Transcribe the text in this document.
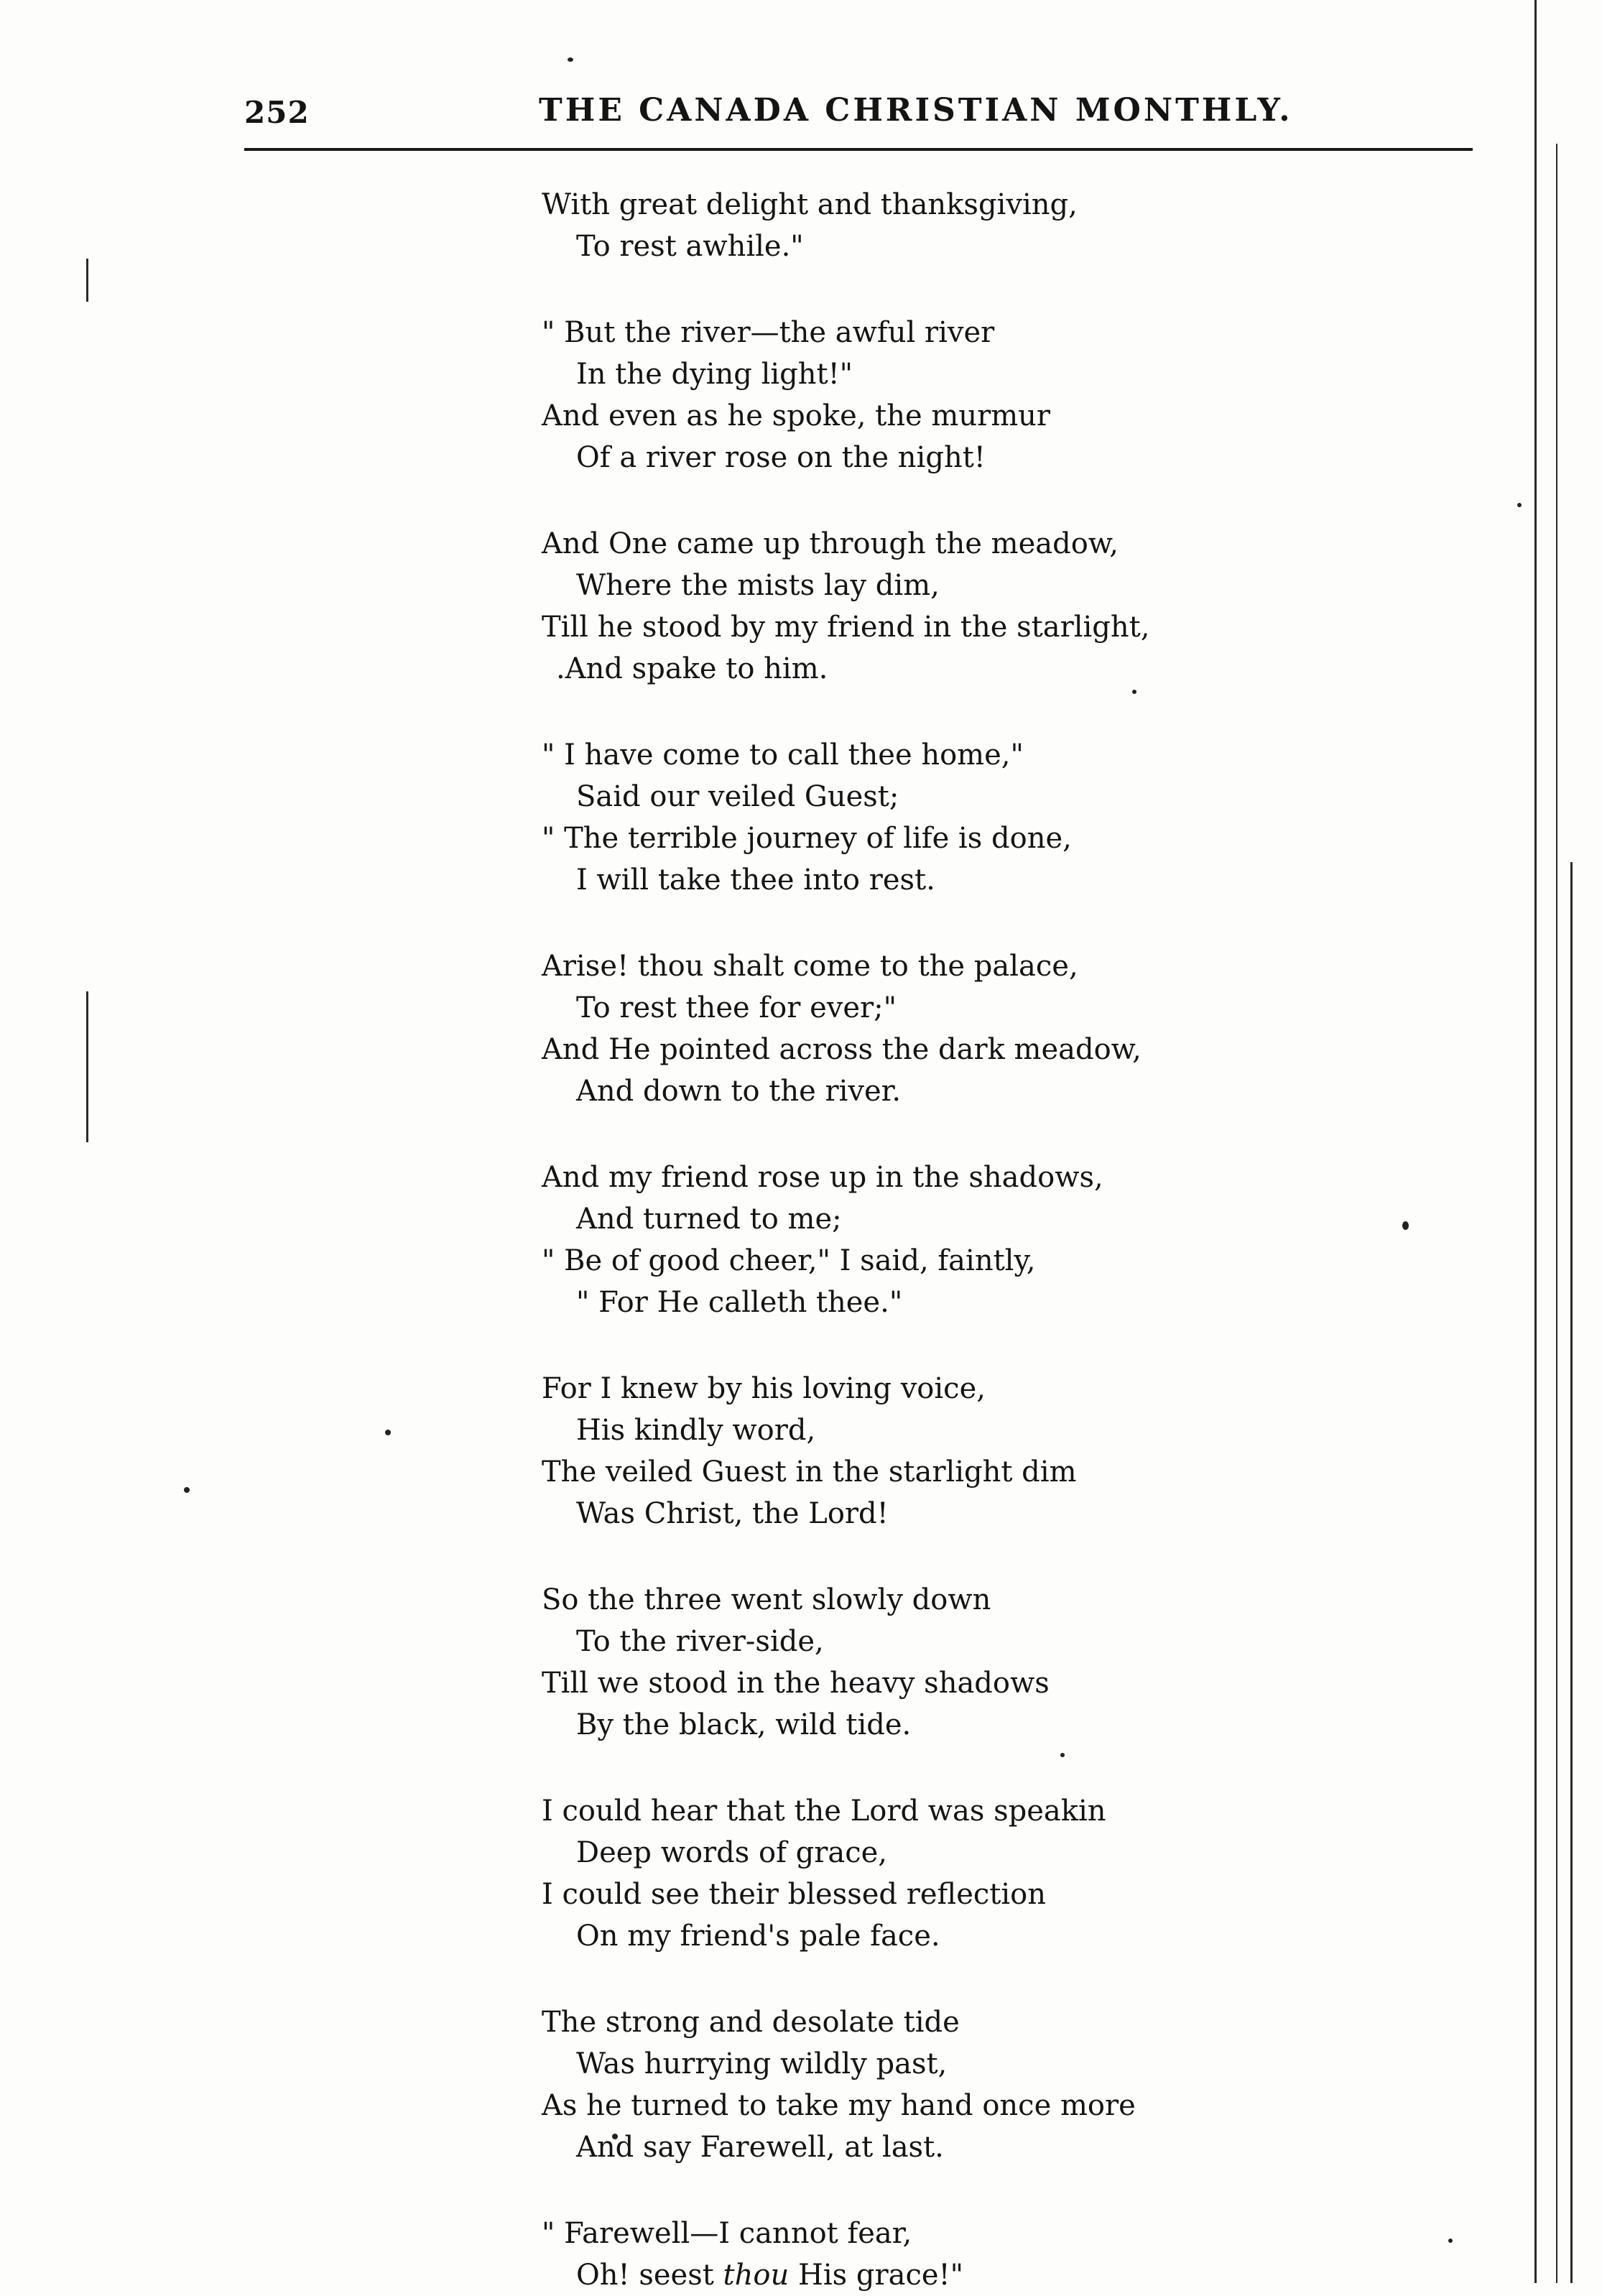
252	THE CANADA CHRISTIAN MONTHLY.
With great delight and thanksgiving,
To rest awhile."
" But the river—the awful river
In the dying light!"
And even as he spoke, the murmur
Of a river rose on the night!
And One came up through the meadow,
Where the mists lay dim,
Till he stood by my friend in the starlight,
.And spake to him.
" I have come to call thee home,"
Said our veiled Guest;
" The terrible journey of life is done,
I will take thee into rest.
Arise! thou shalt come to the palace,
To rest thee for ever;"
And He pointed across the dark meadow,
And down to the river.
And my friend rose up in the shadows,
And turned to me;
" Be of good cheer," I said, faintly,
" For He calleth thee."
For I knew by his loving voice,
His kindly word,
The veiled Guest in the starlight dim
Was Christ, the Lord!
So the three went slowly down
To the river-side,
Till we stood in the heavy shadows
By the black, wild tide.
I could hear that the Lord was speakin
Deep words of grace,
I could see their blessed reflection
On my friend's pale face.
The strong and desolate tide
Was hurrying wildly past,
As he turned to take my hand once more
And say Farewell, at last.
" Farewell—I cannot fear,
Oh! seest thou His grace!"
